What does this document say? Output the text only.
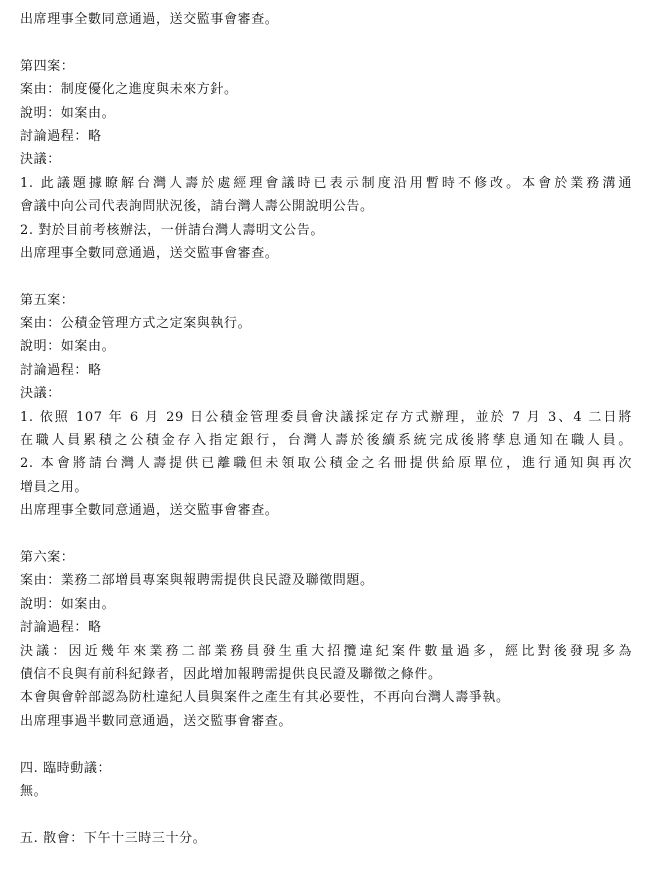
出席理事全數同意通過，送交監事會審查。
第四案：
案由：制度優化之進度與未來方針。
說明：如案由。
討論過程：略
決議：
1. 此議題據瞭解台灣人壽於處經理會議時已表示制度沿用暫時不修改。本會於業務溝通
會議中向公司代表詢問狀況後，請台灣人壽公開說明公告。
2. 對於目前考核辦法，一併請台灣人壽明文公告。
出席理事全數同意通過，送交監事會審查。
第五案：
案由：公積金管理方式之定案與執行。
說明：如案由。
討論過程：略
決議：
1. 依照 107 年 6 月 29 日公積金管理委員會決議採定存方式辦理，並於 7 月 3、4 二日將
在職人員累積之公積金存入指定銀行，台灣人壽於後續系統完成後將孳息通知在職人員。
2. 本會將請台灣人壽提供已離職但未領取公積金之名冊提供給原單位，進行通知與再次
增員之用。
出席理事全數同意通過，送交監事會審查。
第六案：
案由：業務二部增員專案與報聘需提供良民證及聯徵問題。
說明：如案由。
討論過程：略
決議：因近幾年來業務二部業務員發生重大招攬違紀案件數量過多，經比對後發現多為
債信不良與有前科紀錄者，因此增加報聘需提供良民證及聯徵之條件。
本會與會幹部認為防杜違紀人員與案件之產生有其必要性，不再向台灣人壽爭執。
出席理事過半數同意通過，送交監事會審查。
四. 臨時動議：
無。
五. 散會：下午十三時三十分。
